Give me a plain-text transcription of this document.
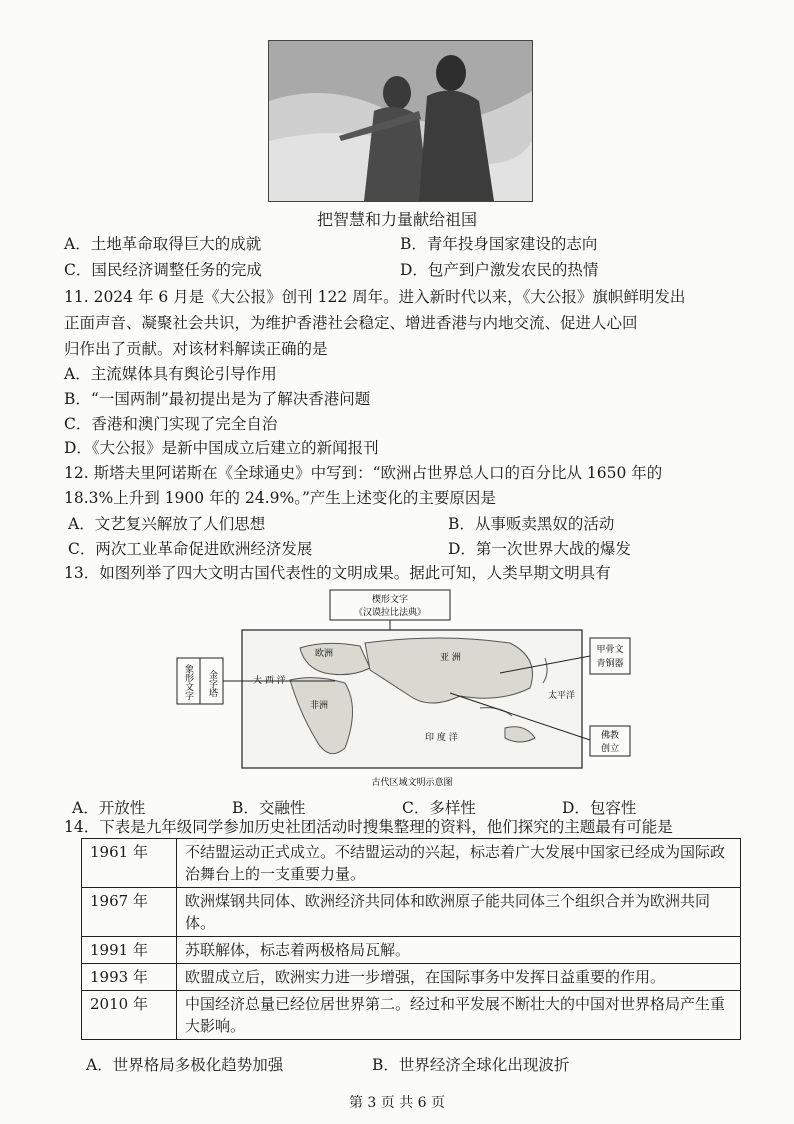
把智慧和力量献给祖国
A．土地革命取得巨大的成就	B．青年投身国家建设的志向
C．国民经济调整任务的完成	D．包产到户激发农民的热情
11. 2024 年 6 月是《大公报》创刊 122 周年。进入新时代以来，《大公报》旗帜鲜明发出
正面声音、凝聚社会共识，为维护香港社会稳定、增进香港与内地交流、促进人心回
归作出了贡献。对该材料解读正确的是
A．主流媒体具有舆论引导作用
B．“一国两制”最初提出是为了解决香港问题
C．香港和澳门实现了完全自治
D．《大公报》是新中国成立后建立的新闻报刊
12. 斯塔夫里阿诺斯在《全球通史》中写到：“欧洲占世界总人口的百分比从 1650 年的
18.3%上升到 1900 年的 24.9%。”产生上述变化的主要原因是
A．文艺复兴解放了人们思想	B．从事贩卖黑奴的活动
C．两次工业革命促进欧洲经济发展	D．第一次世界大战的爆发
13．如图列举了四大文明古国代表性的文明成果。据此可知，人类早期文明具有
楔形文字
《汉谟拉比法典》
欧洲	亚 洲
非洲
大 西 洋
太平洋
印 度 洋
金字塔
象形文字
甲骨文
青铜器
佛教
创立
古代区域文明示意图
A．开放性	B．交融性	C．多样性	D．包容性
14．下表是九年级同学参加历史社团活动时搜集整理的资料，他们探究的主题最有可能是
1961 年	不结盟运动正式成立。不结盟运动的兴起，标志着广大发展中国家已经成为国际政治舞台上的一支重要力量。
1967 年	欧洲煤钢共同体、欧洲经济共同体和欧洲原子能共同体三个组织合并为欧洲共同体。
1991 年	苏联解体，标志着两极格局瓦解。
1993 年	欧盟成立后，欧洲实力进一步增强，在国际事务中发挥日益重要的作用。
2010 年	中国经济总量已经位居世界第二。经过和平发展不断壮大的中国对世界格局产生重大影响。
A．世界格局多极化趋势加强	B．世界经济全球化出现波折
第 3 页 共 6 页
